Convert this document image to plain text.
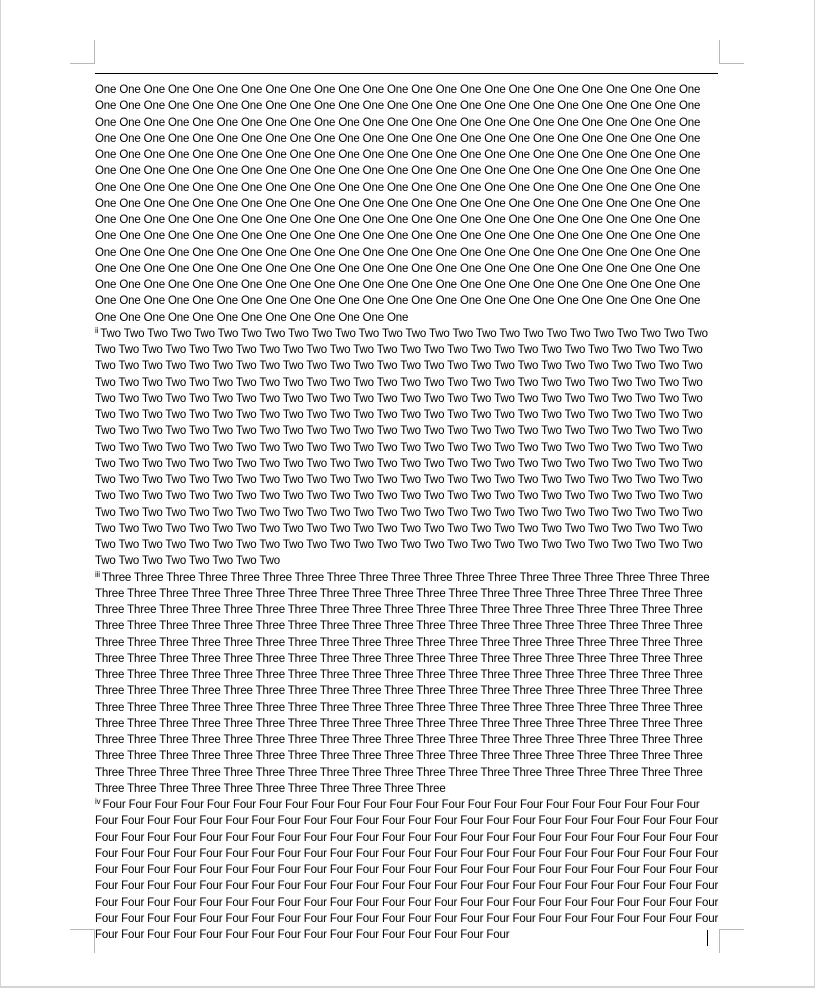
One One One One One One One One One One One One One One One One One One One One One One One One One One One One One One One One One One One One One One One One One One One One One One One One One One One One One One One One One One One One One One One One One One One One One One One One One One One One One One One One One One One One One One One One One One One One One One One One One One One One One One One One One One One One One One One One One One One One One One One One One One One One One One One One One One One One One One One One One One One One One One One One One One One One One One One One One One One One One One One One One One One One One One One One One One One One One One One One One One One One One One One One One One One One One One One One One One One One One One One One One One One One One One One One One One One One One One One One One One One One One One One One One One One One One One One One One One One One One One One One One One One One One One One One One One One One One One One One One One One One One One One One One One One One One One One One One One One One One One One One One One One One One One One One One One One One One One One One One One One One One One One One One One One One One One One One One One One One One One One One One One One One One One One One One One One One One One One One One One One One One One One One One One One One One One One One One One One One One One One One One One One

$^{ii}$ Two Two Two Two Two Two Two Two Two Two Two Two Two Two Two Two Two Two Two Two Two Two Two Two Two Two Two Two Two Two Two Two Two Two Two Two Two Two Two Two Two Two Two Two Two Two Two Two Two Two Two Two Two Two Two Two Two Two Two Two Two Two Two Two Two Two Two Two Two Two Two Two Two Two Two Two Two Two Two Two Two Two Two Two Two Two Two Two Two Two Two Two Two Two Two Two Two Two Two Two Two Two Two Two Two Two Two Two Two Two Two Two Two Two Two Two Two Two Two Two Two Two Two Two Two Two Two Two Two Two Two Two Two Two Two Two Two Two Two Two Two Two Two Two Two Two Two Two Two Two Two Two Two Two Two Two Two Two Two Two Two Two Two Two Two Two Two Two Two Two Two Two Two Two Two Two Two Two Two Two Two Two Two Two Two Two Two Two Two Two Two Two Two Two Two Two Two Two Two Two Two Two Two Two Two Two Two Two Two Two Two Two Two Two Two Two Two Two Two Two Two Two Two Two Two Two Two Two Two Two Two Two Two Two Two Two Two Two Two Two Two Two Two Two Two Two Two Two Two Two Two Two Two Two Two Two Two Two Two Two Two Two Two Two Two Two Two Two Two Two Two Two Two Two Two Two Two Two Two Two Two Two Two Two Two Two Two Two Two Two Two Two Two Two Two Two Two Two Two Two Two Two Two Two Two Two Two Two Two Two Two Two Two Two Two Two Two Two Two Two Two Two Two Two Two Two Two Two Two Two Two Two Two Two Two Two Two Two Two Two Two Two Two Two Two Two Two Two Two Two Two Two Two Two Two Two Two Two Two Two Two Two Two Two Two Two Two Two Two Two Two Two

$^{iii}$ Three Three Three Three Three Three Three Three Three Three Three Three Three Three Three Three Three Three Three Three Three Three Three Three Three Three Three Three Three Three Three Three Three Three Three Three Three Three Three Three Three Three Three Three Three Three Three Three Three Three Three Three Three Three Three Three Three Three Three Three Three Three Three Three Three Three Three Three Three Three Three Three Three Three Three Three Three Three Three Three Three Three Three Three Three Three Three Three Three Three Three Three Three Three Three Three Three Three Three Three Three Three Three Three Three Three Three Three Three Three Three Three Three Three Three Three Three Three Three Three Three Three Three Three Three Three Three Three Three Three Three Three Three Three Three Three Three Three Three Three Three Three Three Three Three Three Three Three Three Three Three Three Three Three Three Three Three Three Three Three Three Three Three Three Three Three Three Three Three Three Three Three Three Three Three Three Three Three Three Three Three Three Three Three Three Three Three Three Three Three Three Three Three Three Three Three Three Three Three Three Three Three Three Three Three Three Three Three Three Three Three Three Three Three Three Three Three Three Three Three Three Three Three Three Three Three Three Three Three Three Three Three Three Three Three Three Three Three Three Three Three Three Three Three Three Three Three Three Three Three Three Three Three Three Three Three Three Three

$^{iv}$ Four Four Four Four Four Four Four Four Four Four Four Four Four Four Four Four Four Four Four Four Four Four Four Four Four Four Four Four Four Four Four Four Four Four Four Four Four Four Four Four Four Four Four Four Four Four Four Four Four Four Four Four Four Four Four Four Four Four Four Four Four Four Four Four Four Four Four Four Four Four Four Four Four Four Four Four Four Four Four Four Four Four Four Four Four Four Four Four Four Four Four Four Four Four Four Four Four Four Four Four Four Four Four Four Four Four Four Four Four Four Four Four Four Four Four Four Four Four Four Four Four Four Four Four Four Four Four Four Four Four Four Four Four Four Four Four Four Four Four Four Four Four Four Four Four Four Four Four Four Four Four Four Four Four Four Four Four Four Four Four Four Four Four Four Four Four Four Four Four Four Four Four Four Four Four Four Four Four Four Four Four Four Four Four Four Four Four Four Four Four Four Four Four Four Four Four Four Four Four Four Four Four Four Four Four Four Four
